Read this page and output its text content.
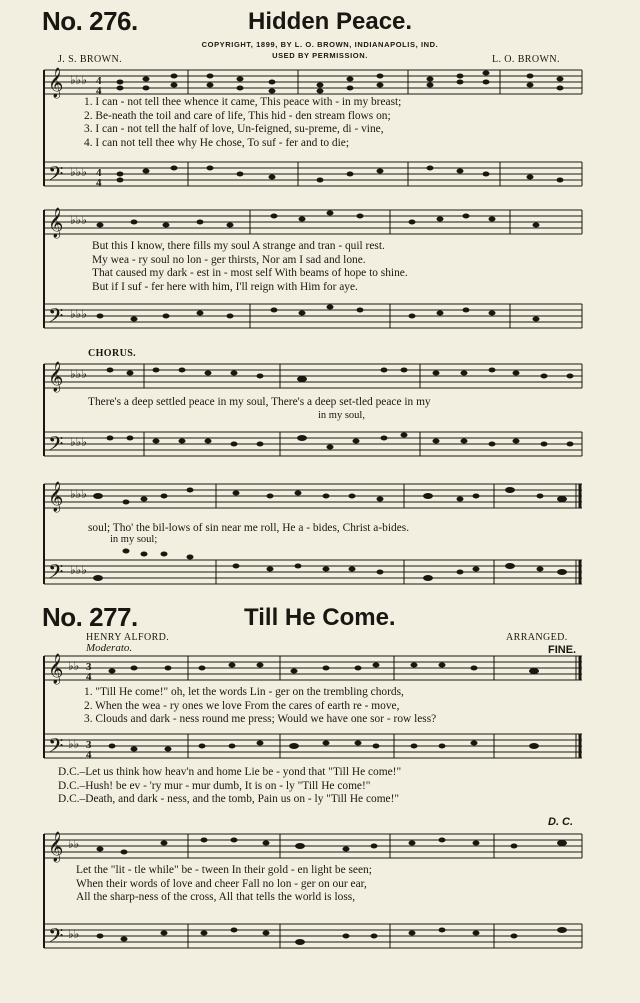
No. 276.	Hidden Peace.
COPYRIGHT, 1899, BY L. O. BROWN, INDIANAPOLIS, IND.
USED BY PERMISSION.
J. S. BROWN.	L. O. BROWN.
𝄞
𝄢
♭♭♭
♭♭♭
4
4
4
4
1. I can - not tell thee whence it came, This peace with - in my breast;
2. Be-neath the toil and care of life, This hid - den stream flows on;
3. I can - not tell the half of love, Un-feigned, su-preme, di - vine,
4. I can not tell thee why He chose, To suf - fer and to die;
𝄞
𝄢
♭♭♭
♭♭♭
But this I know, there fills my soul A strange and tran - quil rest.
My wea - ry soul no lon - ger thirsts, Nor am I sad and lone.
That caused my dark - est in - most self With beams of hope to shine.
But if I suf - fer here with him, I'll reign with Him for aye.
CHORUS.
𝄞
𝄢
♭♭♭
♭♭♭
There's a deep settled peace in my soul, There's a deep set-tled peace in my
in my soul,
𝄞
𝄢
♭♭♭
♭♭♭
soul; Tho' the bil-lows of sin near me roll, He a - bides, Christ a-bides.
in my soul;
No. 277.	Till He Come.
HENRY ALFORD.	ARRANGED.
Moderato.	FINE.
𝄞
𝄢
♭♭
♭♭
3
4
3
4
1. "Till He come!" oh, let the words Lin - ger on the trembling chords,
2. When the wea - ry ones we love From the cares of earth re - move,
3. Clouds and dark - ness round me press; Would we have one sor - row less?
D.C.–Let us think how heav'n and home Lie be - yond that "Till He come!"
D.C.–Hush! be ev - 'ry mur - mur dumb, It is on - ly "Till He come!"
D.C.–Death, and dark - ness, and the tomb, Pain us on - ly "Till He come!"
D. C.
𝄞
𝄢
♭♭
♭♭
Let the "lit - tle while" be - tween In their gold - en light be seen;
When their words of love and cheer Fall no lon - ger on our ear,
All the sharp-ness of the cross, All that tells the world is loss,
